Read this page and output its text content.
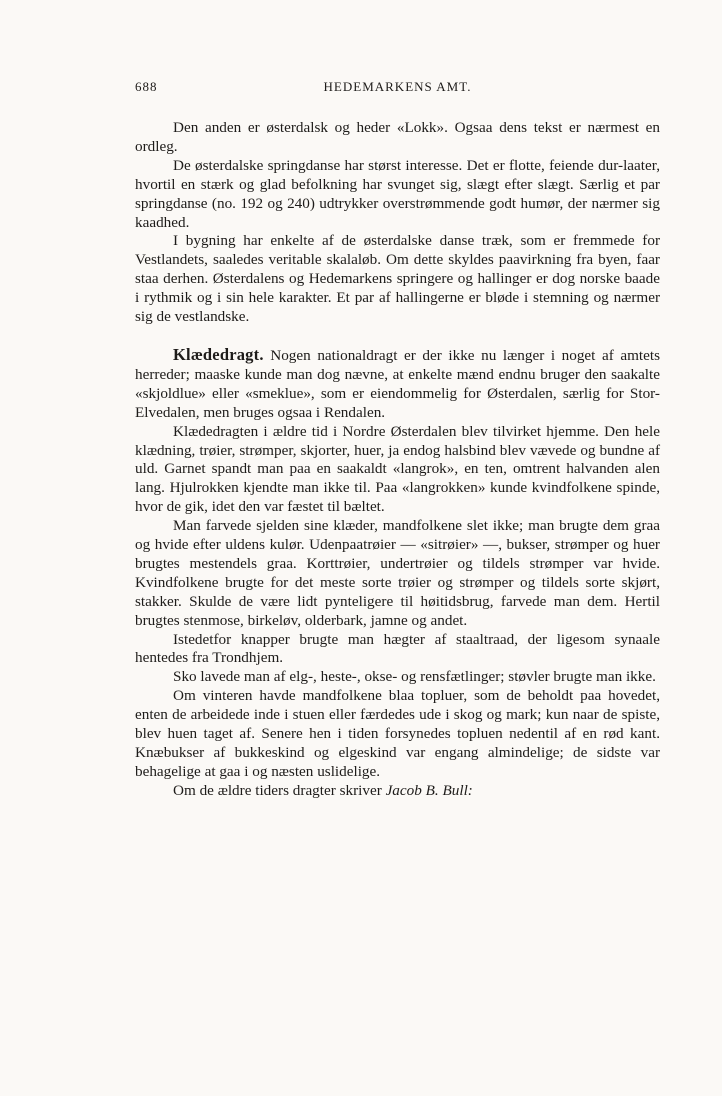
688	HEDEMARKENS AMT.

Den anden er østerdalsk og heder «Lokk». Ogsaa dens tekst er nærmest en ordleg.

De østerdalske springdanse har størst interesse. Det er flotte, feiende dur-laater, hvortil en stærk og glad befolkning har svunget sig, slægt efter slægt. Særlig et par springdanse (no. 192 og 240) udtrykker overstrømmende godt humør, der nærmer sig kaadhed.

I bygning har enkelte af de østerdalske danse træk, som er fremmede for Vestlandets, saaledes veritable skalaløb. Om dette skyldes paavirkning fra byen, faar staa derhen. Østerdalens og Hedemarkens springere og hallinger er dog norske baade i rythmik og i sin hele karakter. Et par af hallingerne er bløde i stemning og nærmer sig de vestlandske.

Klædedragt. Nogen nationaldragt er der ikke nu længer i noget af amtets herreder; maaske kunde man dog nævne, at enkelte mænd endnu bruger den saakalte «skjoldlue» eller «smeklue», som er eiendommelig for Østerdalen, særlig for Stor-Elvedalen, men bruges ogsaa i Rendalen.

Klædedragten i ældre tid i Nordre Østerdalen blev tilvirket hjemme. Den hele klædning, trøier, strømper, skjorter, huer, ja endog halsbind blev vævede og bundne af uld. Garnet spandt man paa en saakaldt «langrok», en ten, omtrent halvanden alen lang. Hjulrokken kjendte man ikke til. Paa «langrokken» kunde kvindfolkene spinde, hvor de gik, idet den var fæstet til bæltet.

Man farvede sjelden sine klæder, mandfolkene slet ikke; man brugte dem graa og hvide efter uldens kulør. Udenpaatrøier — «sitrøier» —, bukser, strømper og huer brugtes mestendels graa. Korttrøier, undertrøier og tildels strømper var hvide. Kvindfolkene brugte for det meste sorte trøier og strømper og tildels sorte skjørt, stakker. Skulde de være lidt pynteligere til høitidsbrug, farvede man dem. Hertil brugtes stenmose, birkeløv, olderbark, jamne og andet.

Istedetfor knapper brugte man hægter af staaltraad, der ligesom synaale hentedes fra Trondhjem.

Sko lavede man af elg-, heste-, okse- og rensfætlinger; støvler brugte man ikke.

Om vinteren havde mandfolkene blaa topluer, som de beholdt paa hovedet, enten de arbeidede inde i stuen eller færdedes ude i skog og mark; kun naar de spiste, blev huen taget af. Senere hen i tiden forsynedes topluen nedentil af en rød kant. Knæbukser af bukkeskind og elgeskind var engang almindelige; de sidste var behagelige at gaa i og næsten uslidelige.

Om de ældre tiders dragter skriver Jacob B. Bull:
